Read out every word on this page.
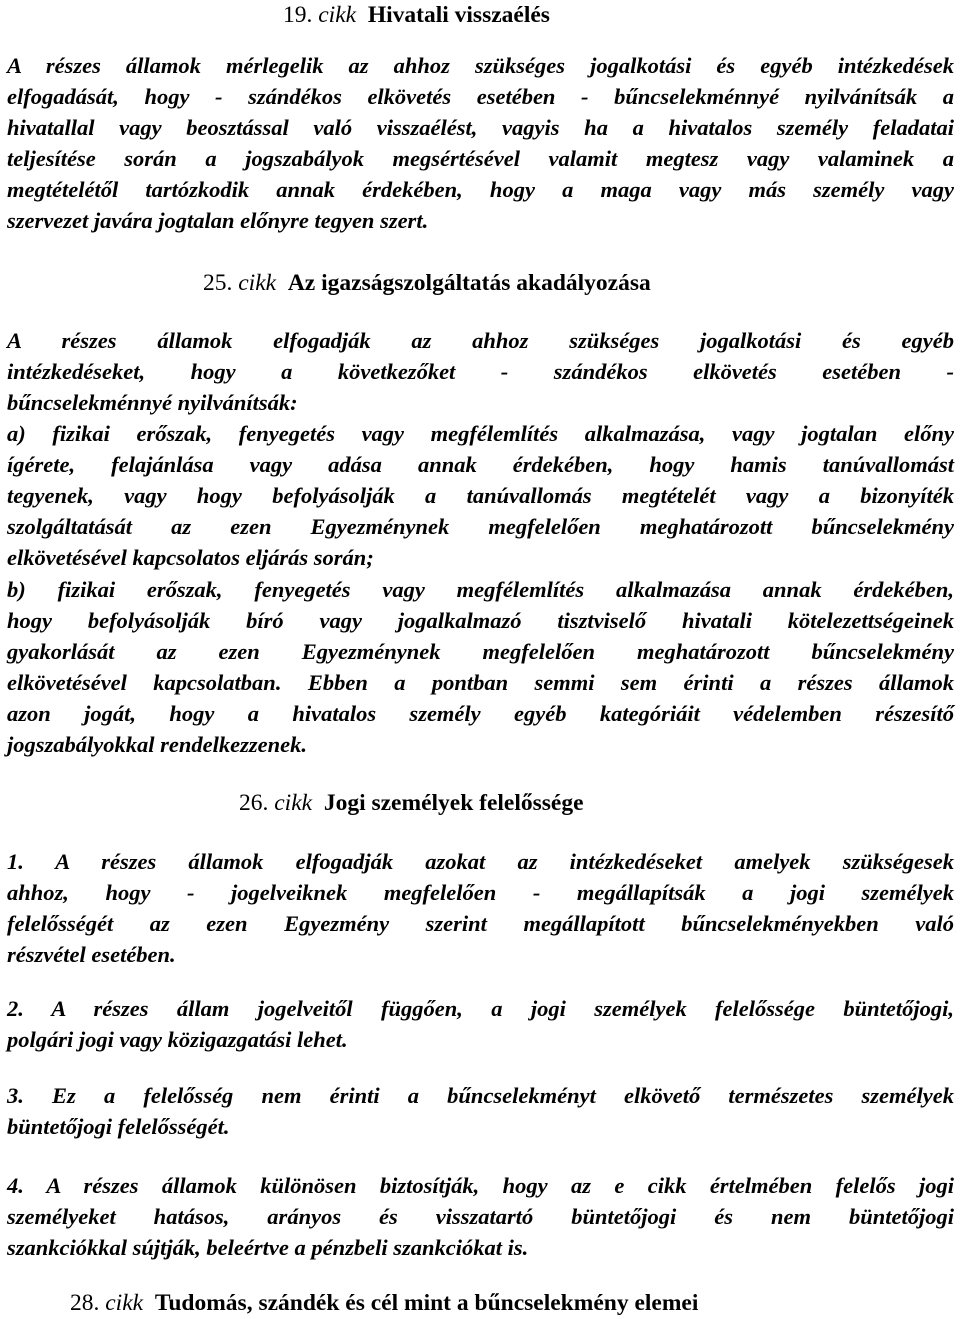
19. cikk Hivatali visszaélés
A részes államok mérlegelik az ahhoz szükséges jogalkotási és egyéb intézkedések
elfogadását, hogy - szándékos elkövetés esetében - bűncselekménnyé nyilvánítsák a
hivatallal vagy beosztással való visszaélést, vagyis ha a hivatalos személy feladatai
teljesítése során a jogszabályok megsértésével valamit megtesz vagy valaminek a
megtételétől tartózkodik annak érdekében, hogy a maga vagy más személy vagy
szervezet javára jogtalan előnyre tegyen szert.
25. cikk Az igazságszolgáltatás akadályozása
A részes államok elfogadják az ahhoz szükséges jogalkotási és egyéb
intézkedéseket, hogy a következőket - szándékos elkövetés esetében -
bűncselekménnyé nyilvánítsák:
a) fizikai erőszak, fenyegetés vagy megfélemlítés alkalmazása, vagy jogtalan előny
ígérete, felajánlása vagy adása annak érdekében, hogy hamis tanúvallomást
tegyenek, vagy hogy befolyásolják a tanúvallomás megtételét vagy a bizonyíték
szolgáltatását az ezen Egyezménynek megfelelően meghatározott bűncselekmény
elkövetésével kapcsolatos eljárás során;
b) fizikai erőszak, fenyegetés vagy megfélemlítés alkalmazása annak érdekében,
hogy befolyásolják bíró vagy jogalkalmazó tisztviselő hivatali kötelezettségeinek
gyakorlását az ezen Egyezménynek megfelelően meghatározott bűncselekmény
elkövetésével kapcsolatban. Ebben a pontban semmi sem érinti a részes államok
azon jogát, hogy a hivatalos személy egyéb kategóriáit védelemben részesítő
jogszabályokkal rendelkezzenek.
26. cikk Jogi személyek felelőssége
1. A részes államok elfogadják azokat az intézkedéseket amelyek szükségesek
ahhoz, hogy - jogelveiknek megfelelően - megállapítsák a jogi személyek
felelősségét az ezen Egyezmény szerint megállapított bűncselekményekben való
részvétel esetében.
2. A részes állam jogelveitől függően, a jogi személyek felelőssége büntetőjogi,
polgári jogi vagy közigazgatási lehet.
3. Ez a felelősség nem érinti a bűncselekményt elkövető természetes személyek
büntetőjogi felelősségét.
4. A részes államok különösen biztosítják, hogy az e cikk értelmében felelős jogi
személyeket hatásos, arányos és visszatartó büntetőjogi és nem büntetőjogi
szankciókkal sújtják, beleértve a pénzbeli szankciókat is.
28. cikk Tudomás, szándék és cél mint a bűncselekmény elemei
